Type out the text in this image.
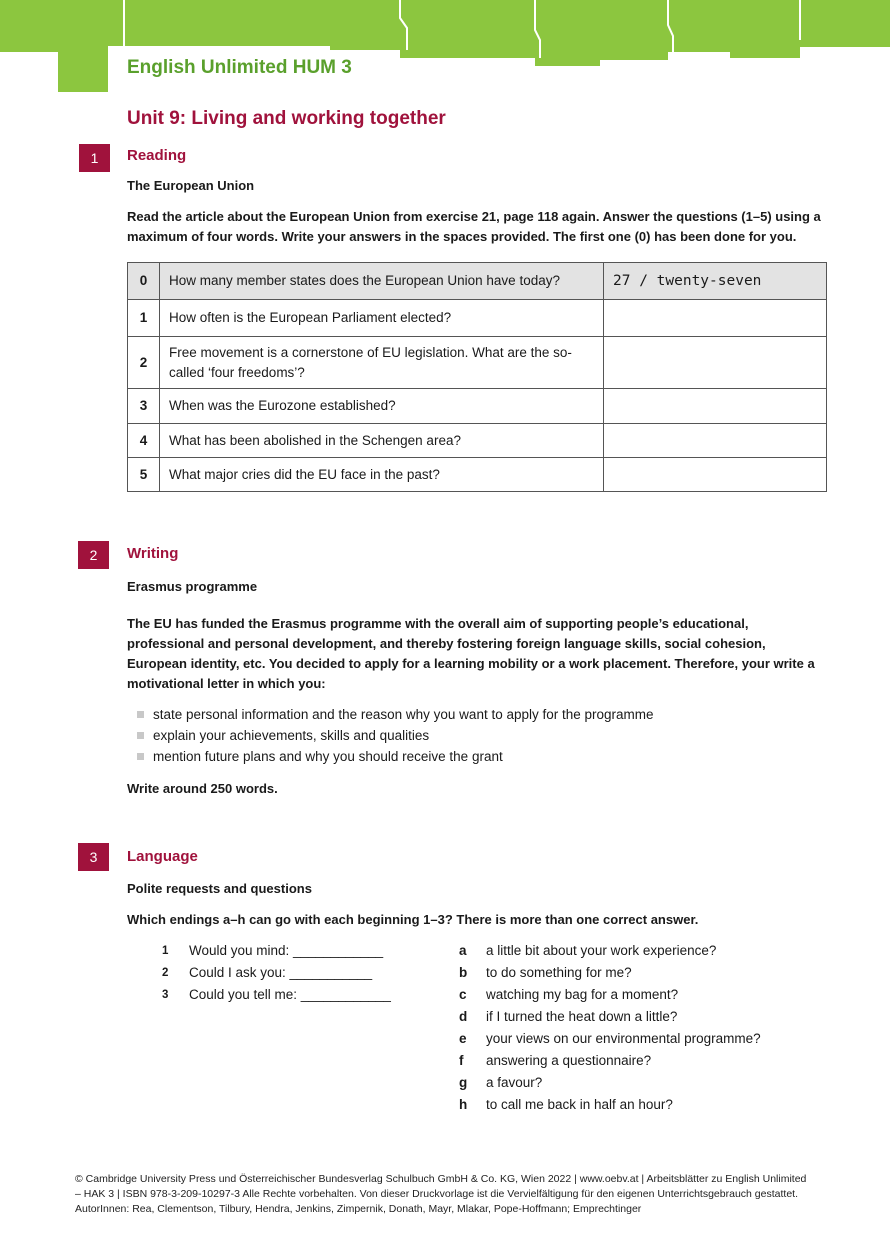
English Unlimited HUM 3

Unit 9: Living and working together
1	Reading

The European Union

Read the article about the European Union from exercise 21, page 118 again. Answer the questions (1–5) using a maximum of four words. Write your answers in the spaces provided. The first one (0) has been done for you.

0	How many member states does the European Union have today?	27 / twenty-seven
1	How often is the European Parliament elected?	
2	Free movement is a cornerstone of EU legislation. What are the so-called ‘four freedoms’?	
3	When was the Eurozone established?	
4	What has been abolished in the Schengen area?	
5	What major cries did the EU face in the past?	
2	Writing

Erasmus programme

The EU has funded the Erasmus programme with the overall aim of supporting people’s educational, professional and personal development, and thereby fostering foreign language skills, social cohesion, European identity, etc. You decided to apply for a learning mobility or a work placement. Therefore, your write a motivational letter in which you:

state personal information and the reason why you want to apply for the programme
explain your achievements, skills and qualities
mention future plans and why you should receive the grant

Write around 250 words.

3	Language

Polite requests and questions

Which endings a–h can go with each beginning 1–3? There is more than one correct answer.

1	Would you mind: ____________
2	Could I ask you: ___________
3	Could you tell me: ____________
a	a little bit about your work experience?
b	to do something for me?
c	watching my bag for a moment?
d	if I turned the heat down a little?
e	your views on our environmental programme?
f	answering a questionnaire?
g	a favour?
h	to call me back in half an hour?
© Cambridge University Press und Österreichischer Bundesverlag Schulbuch GmbH & Co. KG, Wien 2022 | www.oebv.at | Arbeitsblätter zu English Unlimited – HAK 3 | ISBN 978-3-209-10297-3 Alle Rechte vorbehalten. Von dieser Druckvorlage ist die Vervielfältigung für den eigenen Unterrichtsgebrauch gestattet.
AutorInnen: Rea, Clementson, Tilbury, Hendra, Jenkins, Zimpernik, Donath, Mayr, Mlakar, Pope-Hoffmann; Emprechtinger
